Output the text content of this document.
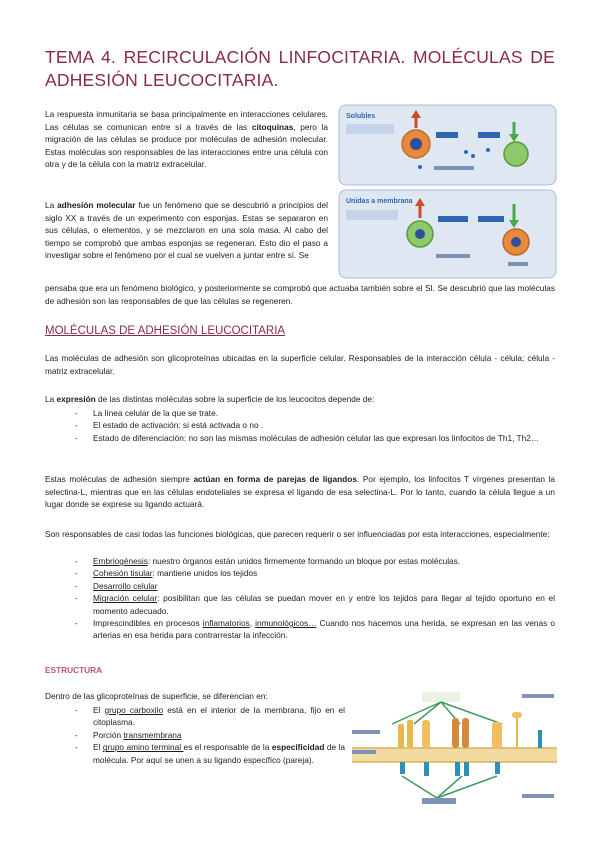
TEMA 4. RECIRCULACIÓN LINFOCITARIA. MOLÉCULAS DE ADHESIÓN LEUCOCITARIA.

La respuesta inmunitaria se basa principalmente en interacciones celulares. Las células se comunican entre sí a través de las citoquinas, pero la migración de las células se produce por moléculas de adhesión molecular. Estas moléculas son responsables de las interacciones entre una célula con otra y de la célula con la matriz extracelular.

La adhesión molecular fue un fenómeno que se descubrió a principios del siglo XX a través de un experimento con esponjas. Estas se separaron en sus células, o elementos, y se mezclaron en una sola masa. Al cabo del tiempo se comprobó que ambas esponjas se regeneran. Esto dio el paso a investigar sobre el fenómeno por el cual se vuelven a juntar entre sí. Se

pensaba que era un fenómeno biológico, y posteriormente se comprobó que actuaba también sobre el SI. Se descubrió que las moléculas de adhesión son las responsables de que las células se regeneren.

Solubles
Unidas a membrana
MOLÉCULAS DE ADHESIÓN LEUCOCITARIA

Las moléculas de adhesión son glicoproteínas ubicadas en la superficie celular. Responsables de la interacción célula - célula; célula - matriz extracelular.

La expresión de las distintas moléculas sobre la superficie de los leucocitos depende de:

- La línea celular de la que se trate.
- El estado de activación: si está activada o no .
- Estado de diferenciación: no son las mismas moléculas de adhesión celular las que expresan los linfocitos de Th1, Th2…

Estas moléculas de adhesión siempre actúan en forma de parejas de ligandos. Por ejemplo, los linfocitos T vírgenes presentan la selectina-L, mientras que en las células endoteliales se expresa el ligando de esa selectina-L. Por lo tanto, cuando la célula llegue a un lugar donde se exprese su ligando actuará.

Son responsables de casi todas las funciones biológicas, que parecen requerir o ser influenciadas por esta interacciones, especialmente:

- Embriogénesis: nuestro órganos están unidos firmemente formando un bloque por estas moléculas.
- Cohesión tisular: mantiene unidos los tejidos
- Desarrollo celular
- Migración celular: posibilitan que las células se puedan mover en y entre los tejidos para llegar al tejido oportuno en el momento adecuado.
- Imprescindibles en procesos inflamatorios, inmunológicos… Cuando nos hacemos una herida, se expresan en las venas o arterias en esa herida para contrarrestar la infección.
ESTRUCTURA

Dentro de las glicoproteínas de superficie, se diferencian en:

- El grupo carboxilo está en el interior de la membrana, fijo en el citoplasma.
- Porción transmembrana
- El grupo amino terminal es el responsable de la especificidad de la molécula. Por aquí se unen a su ligando específico (pareja).
